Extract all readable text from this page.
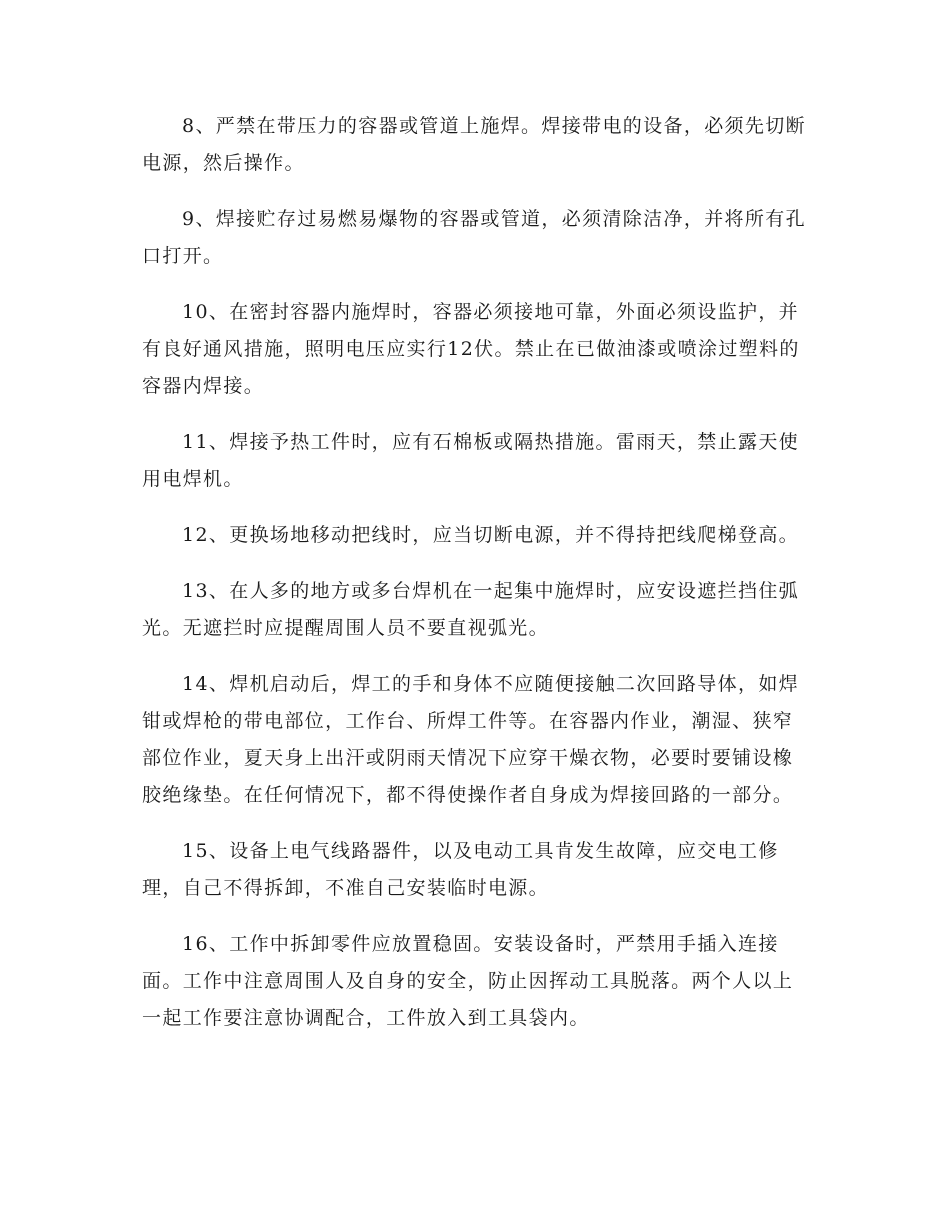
8、严禁在带压力的容器或管道上施焊。焊接带电的设备，必须先切断电源，然后操作。

9、焊接贮存过易燃易爆物的容器或管道，必须清除洁净，并将所有孔口打开。

10、在密封容器内施焊时，容器必须接地可靠，外面必须设监护，并有良好通风措施，照明电压应实行12伏。禁止在已做油漆或喷涂过塑料的容器内焊接。

11、焊接予热工件时，应有石棉板或隔热措施。雷雨天，禁止露天使用电焊机。

12、更换场地移动把线时，应当切断电源，并不得持把线爬梯登高。

13、在人多的地方或多台焊机在一起集中施焊时，应安设遮拦挡住弧光。无遮拦时应提醒周围人员不要直视弧光。

14、焊机启动后，焊工的手和身体不应随便接触二次回路导体，如焊钳或焊枪的带电部位，工作台、所焊工件等。在容器内作业，潮湿、狭窄部位作业，夏天身上出汗或阴雨天情况下应穿干燥衣物，必要时要铺设橡胶绝缘垫。在任何情况下，都不得使操作者自身成为焊接回路的一部分。

15、设备上电气线路器件，以及电动工具肯发生故障，应交电工修理，自己不得拆卸，不准自己安装临时电源。

16、工作中拆卸零件应放置稳固。安装设备时，严禁用手插入连接面。工作中注意周围人及自身的安全，防止因挥动工具脱落。两个人以上一起工作要注意协调配合，工件放入到工具袋内。
